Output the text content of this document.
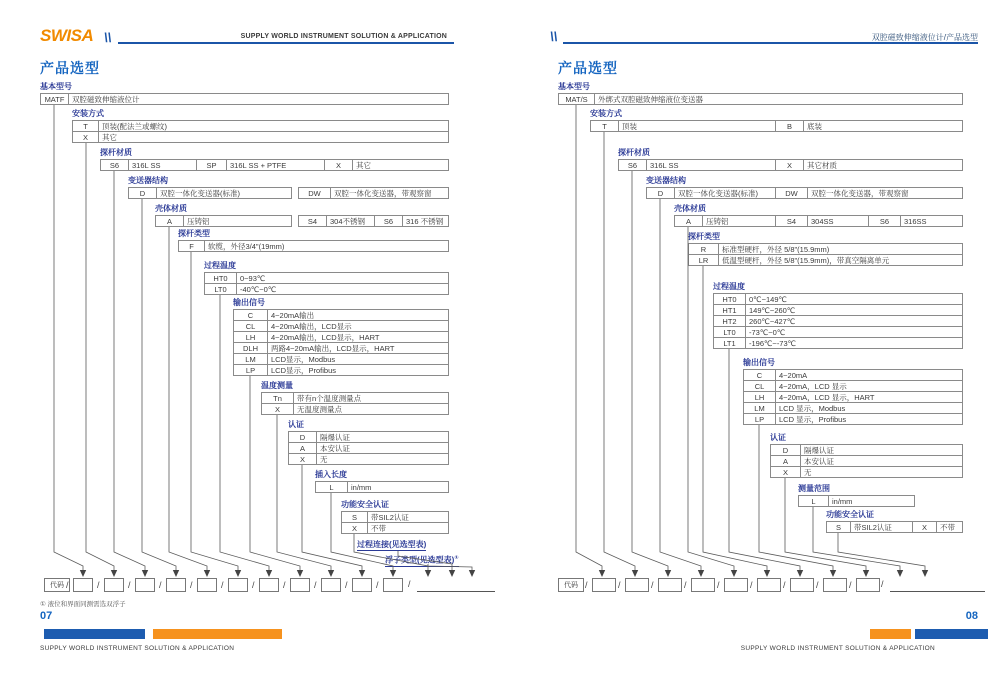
SWISA \\	SUPPLY WORLD INSTRUMENT SOLUTION & APPLICATION
产品选型
基本型号
MATF	双腔磁致伸缩液位计
安装方式
T	顶装(配法兰或螺纹)
X	其它
探杆材质
S6	316L SS	SP	316L SS + PTFE	X	其它
变送器结构
D	双腔一体化变送器(标准)	DW	双腔一体化变送器，带观察窗
壳体材质
A	压铸铝	S4	304不锈钢	S6	316 不锈钢
探杆类型
F	软缆，外径3/4"(19mm)
过程温度
HT0	0~93℃
LT0	-40℃~0℃
输出信号
C	4~20mA输出
CL	4~20mA输出，LCD显示
LH	4~20mA输出，LCD显示，HART
DLH	两路4~20mA输出，LCD显示，HART
LM	LCD显示，Modbus
LP	LCD显示，Profibus
温度测量
Tn	带有n个温度测量点
X	无温度测量点
认证
D	隔爆认证
A	本安认证
X	无
插入长度
L	in/mm
功能安全认证
S	带SIL2认证
X	不带
过程连接(见选型表)
浮子类型(见选型表)①
代码
/
/
/
/
/
/
/
/
/
/
/
/
① 液位和界面同测需选双浮子
07
SUPPLY WORLD INSTRUMENT SOLUTION & APPLICATION
\\	双腔磁致伸缩液位计/产品选型
产品选型
基本型号
MAT/S	外绑式双腔磁致伸缩液位变送器
安装方式
T	顶装	B	底装
探杆材质
S6	316L SS	X	其它材质
变送器结构
D	双腔一体化变送器(标准)	DW	双腔一体化变送器，带观察窗
壳体材质
A	压铸铝	S4	304SS	S6	316SS
探杆类型
R	标准型硬杆，外径 5/8"(15.9mm)
LR	低温型硬杆，外径 5/8"(15.9mm)，带真空隔离单元
过程温度
HT0	0℃~149℃
HT1	149℃~260℃
HT2	260℃~427℃
LT0	-73℃~0℃
LT1	-196℃~-73℃
输出信号
C	4~20mA
CL	4~20mA，LCD 显示
LH	4~20mA，LCD 显示，HART
LM	LCD 显示，Modbus
LP	LCD 显示，Profibus
认证
D	隔爆认证
A	本安认证
X	无
测量范围
L	in/mm
功能安全认证
S	带SIL2认证	X	不带
代码
/
/
/
/
/
/
/
/
/
/
08
SUPPLY WORLD INSTRUMENT SOLUTION & APPLICATION
